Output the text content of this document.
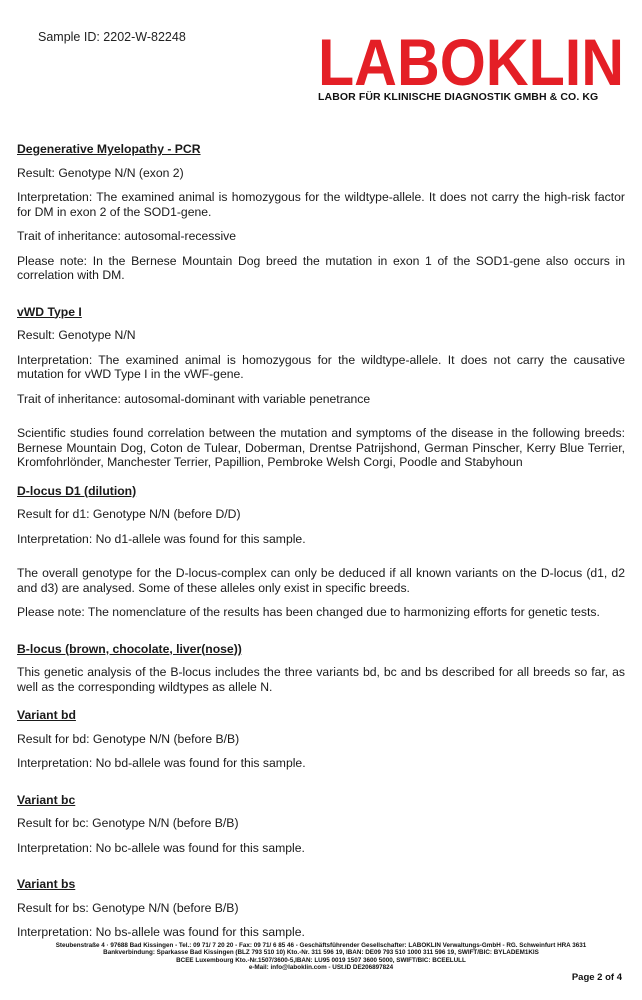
Sample ID: 2202-W-82248 LABOKLIN
LABOR FÜR KLINISCHE DIAGNOSTIK GMBH & CO. KG
Degenerative Myelopathy - PCR

Result: Genotype N/N (exon 2)

Interpretation: The examined animal is homozygous for the wildtype-allele. It does not carry the high-risk factor for DM in exon 2 of the SOD1-gene.

Trait of inheritance: autosomal-recessive

Please note: In the Bernese Mountain Dog breed the mutation in exon 1 of the SOD1-gene also occurs in correlation with DM.

vWD Type I

Result: Genotype N/N

Interpretation: The examined animal is homozygous for the wildtype-allele. It does not carry the causative mutation for vWD Type I in the vWF-gene.

Trait of inheritance: autosomal-dominant with variable penetrance

Scientific studies found correlation between the mutation and symptoms of the disease in the following breeds: Bernese Mountain Dog, Coton de Tulear, Doberman, Drentse Patrijshond, German Pinscher, Kerry Blue Terrier, Kromfohrlönder, Manchester Terrier, Papillion, Pembroke Welsh Corgi, Poodle and Stabyhoun

D-locus D1 (dilution)

Result for d1: Genotype N/N (before D/D)

Interpretation: No d1-allele was found for this sample.

The overall genotype for the D-locus-complex can only be deduced if all known variants on the D-locus (d1, d2 and d3) are analysed. Some of these alleles only exist in specific breeds.

Please note: The nomenclature of the results has been changed due to harmonizing efforts for genetic tests.

B-locus (brown, chocolate, liver(nose))

This genetic analysis of the B-locus includes the three variants bd, bc and bs described for all breeds so far, as well as the corresponding wildtypes as allele N.

Variant bd

Result for bd: Genotype N/N (before B/B)

Interpretation: No bd-allele was found for this sample.

Variant bc

Result for bc: Genotype N/N (before B/B)

Interpretation: No bc-allele was found for this sample.

Variant bs

Result for bs: Genotype N/N (before B/B)

Interpretation: No bs-allele was found for this sample.

Steubenstraße 4 · 97688 Bad Kissingen - Tel.: 09 71/ 7 20 20 - Fax: 09 71/ 6 85 46 - Geschäftsführender Gesellschafter: LABOKLIN Verwaltungs-GmbH - RG. Schweinfurt HRA 3631
Bankverbindung: Sparkasse Bad Kissingen (BLZ 793 510 10) Kto.-Nr. 311 596 19, IBAN: DE09 793 510 1000 311 596 19, SWIFT/BIC: BYLADEM1KIS
BCEE Luxembourg Kto.-Nr.1507/3600-5,IBAN: LU95 0019 1507 3600 5000, SWIFT/BIC: BCEELULL
e-Mail: info@laboklin.com - USt.ID DE206897824
Page 2 of 4
